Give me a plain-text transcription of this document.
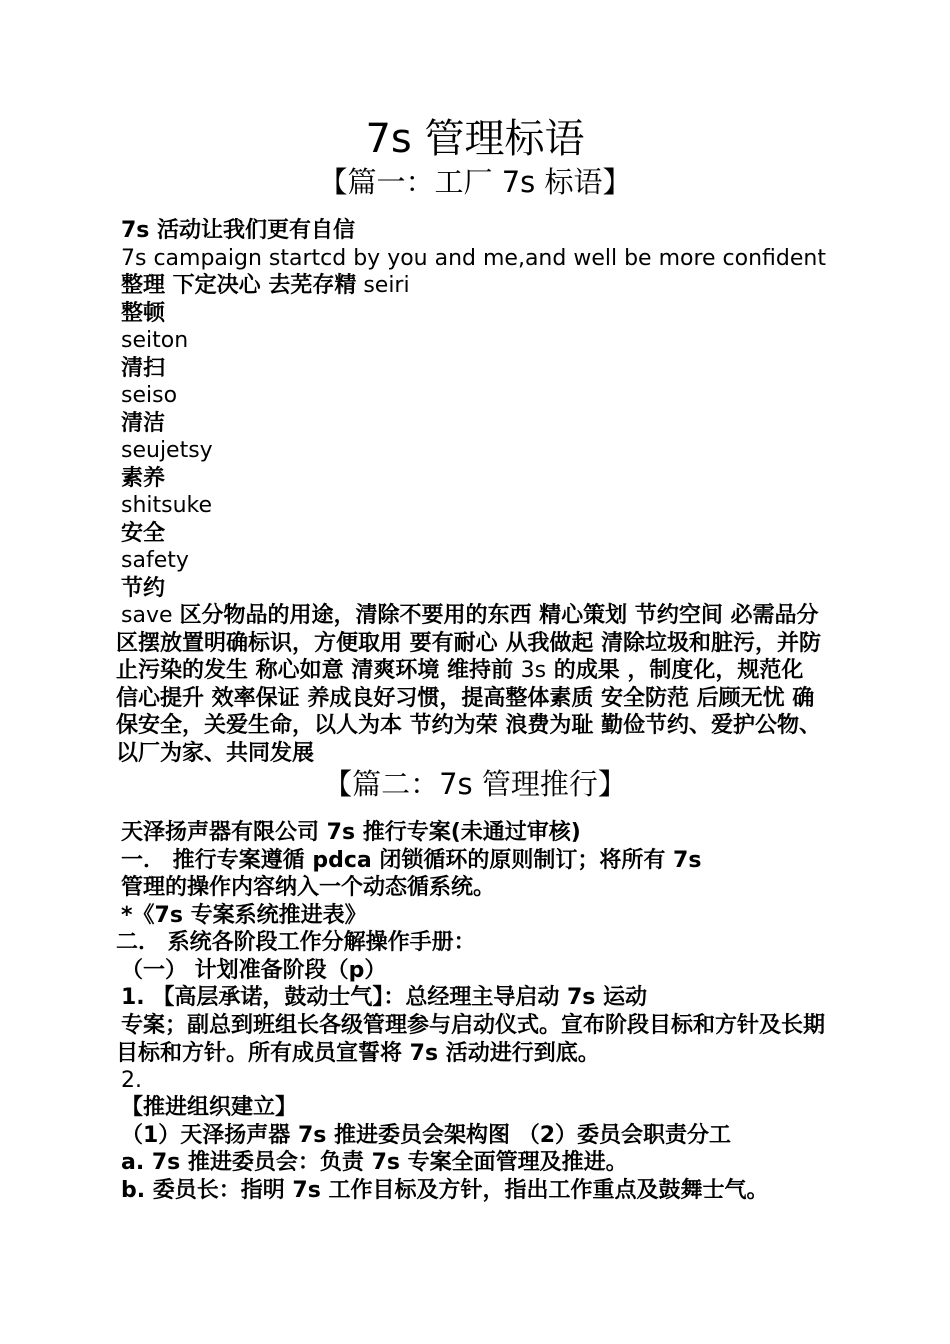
7s 管理标语
【篇一：工厂 7s 标语】

7s 活动让我们更有自信

7s campaign startcd by you and me,and well be more confident

整理 下定决心 去芜存精 seiri

整顿

seiton

清扫

seiso

清洁

seujetsy

素养

shitsuke

安全

safety

节约

save 区分物品的用途，清除不要用的东西 精心策划 节约空间 必需品分区摆放置明确标识，方便取用 要有耐心 从我做起 清除垃圾和脏污，并防止污染的发生 称心如意 清爽环境 维持前 3s 的成果 ，制度化，规范化 信心提升 效率保证 养成良好习惯，提高整体素质 安全防范 后顾无忧 确保安全，关爱生命，以人为本 节约为荣 浪费为耻 勤俭节约、爱护公物、以厂为家、共同发展

【篇二：7s 管理推行】

天泽扬声器有限公司 7s 推行专案(未通过审核)

一． 推行专案遵循 pdca 闭锁循环的原则制订；将所有 7s

管理的操作内容纳入一个动态循系统。

*《7s 专案系统推进表》

二． 系统各阶段工作分解操作手册：

（一） 计划准备阶段（p）

1. 【高层承诺，鼓动士气】：总经理主导启动 7s 运动

专案；副总到班组长各级管理参与启动仪式。宣布阶段目标和方针及长期目标和方针。所有成员宣誓将 7s 活动进行到底。

2.

【推进组织建立】

（1）天泽扬声器 7s 推进委员会架构图 （2）委员会职责分工

a. 7s 推进委员会：负责 7s 专案全面管理及推进。

b. 委员长：指明 7s 工作目标及方针，指出工作重点及鼓舞士气。
